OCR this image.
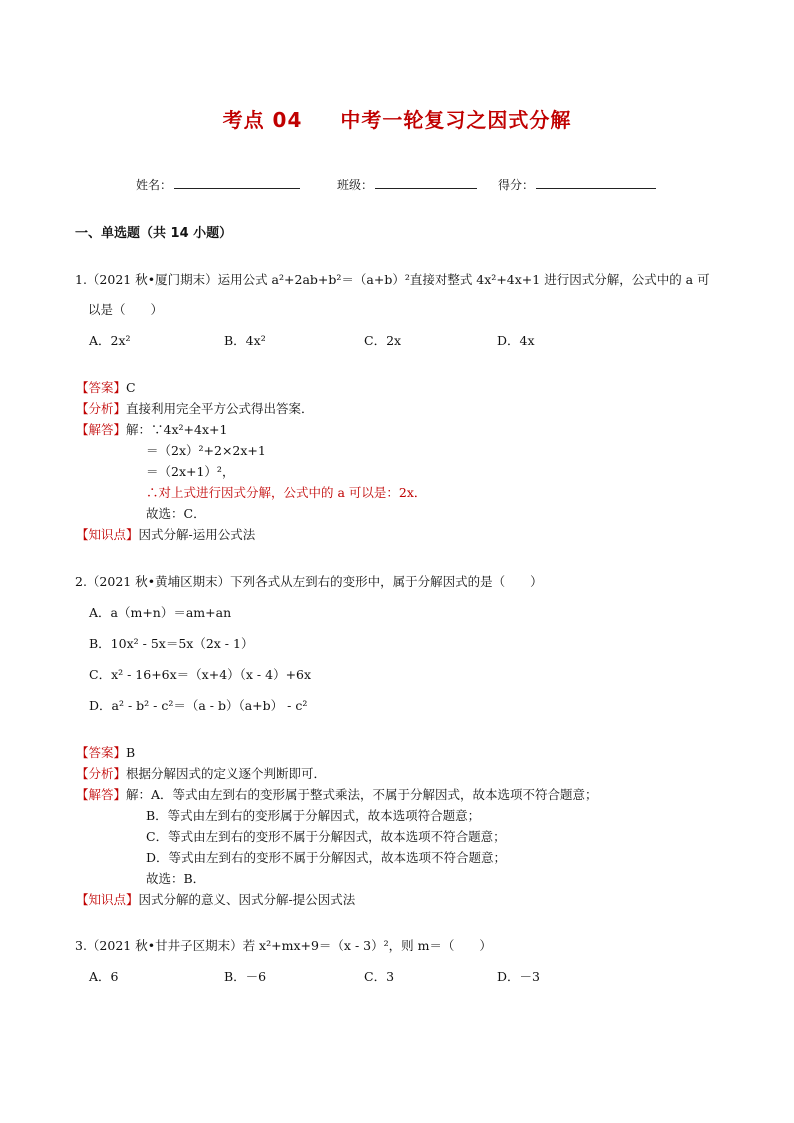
考点 04 中考一轮复习之因式分解
姓名：	班级：	得分：
一、单选题（共 14 小题）
1.（2021 秋•厦门期末）运用公式 a²+2ab+b²＝（a+b）²直接对整式 4x²+4x+1 进行因式分解，公式中的 a 可
以是（　　）
A．2x²	B．4x²	C．2x	D．4x
【答案】C
【分析】直接利用完全平方公式得出答案．
【解答】解：∵4x²+4x+1
＝（2x）²+2×2x+1
＝（2x+1）²，
∴对上式进行因式分解，公式中的 a 可以是：2x．
故选：C．
【知识点】因式分解-运用公式法
2.（2021 秋•黄埔区期末）下列各式从左到右的变形中，属于分解因式的是（　　）
A．a（m+n）＝am+an
B．10x² - 5x＝5x（2x - 1）
C．x² - 16+6x＝（x+4）（x - 4）+6x
D．a² - b² - c²＝（a - b）（a+b） - c²
【答案】B
【分析】根据分解因式的定义逐个判断即可．
【解答】解：A．等式由左到右的变形属于整式乘法，不属于分解因式，故本选项不符合题意；
B．等式由左到右的变形属于分解因式，故本选项符合题意；
C．等式由左到右的变形不属于分解因式，故本选项不符合题意；
D．等式由左到右的变形不属于分解因式，故本选项不符合题意；
故选：B．
【知识点】因式分解的意义、因式分解-提公因式法
3.（2021 秋•甘井子区期末）若 x²+mx+9＝（x - 3）²，则 m＝（　　）
A．6	B．－6	C．3	D．－3
